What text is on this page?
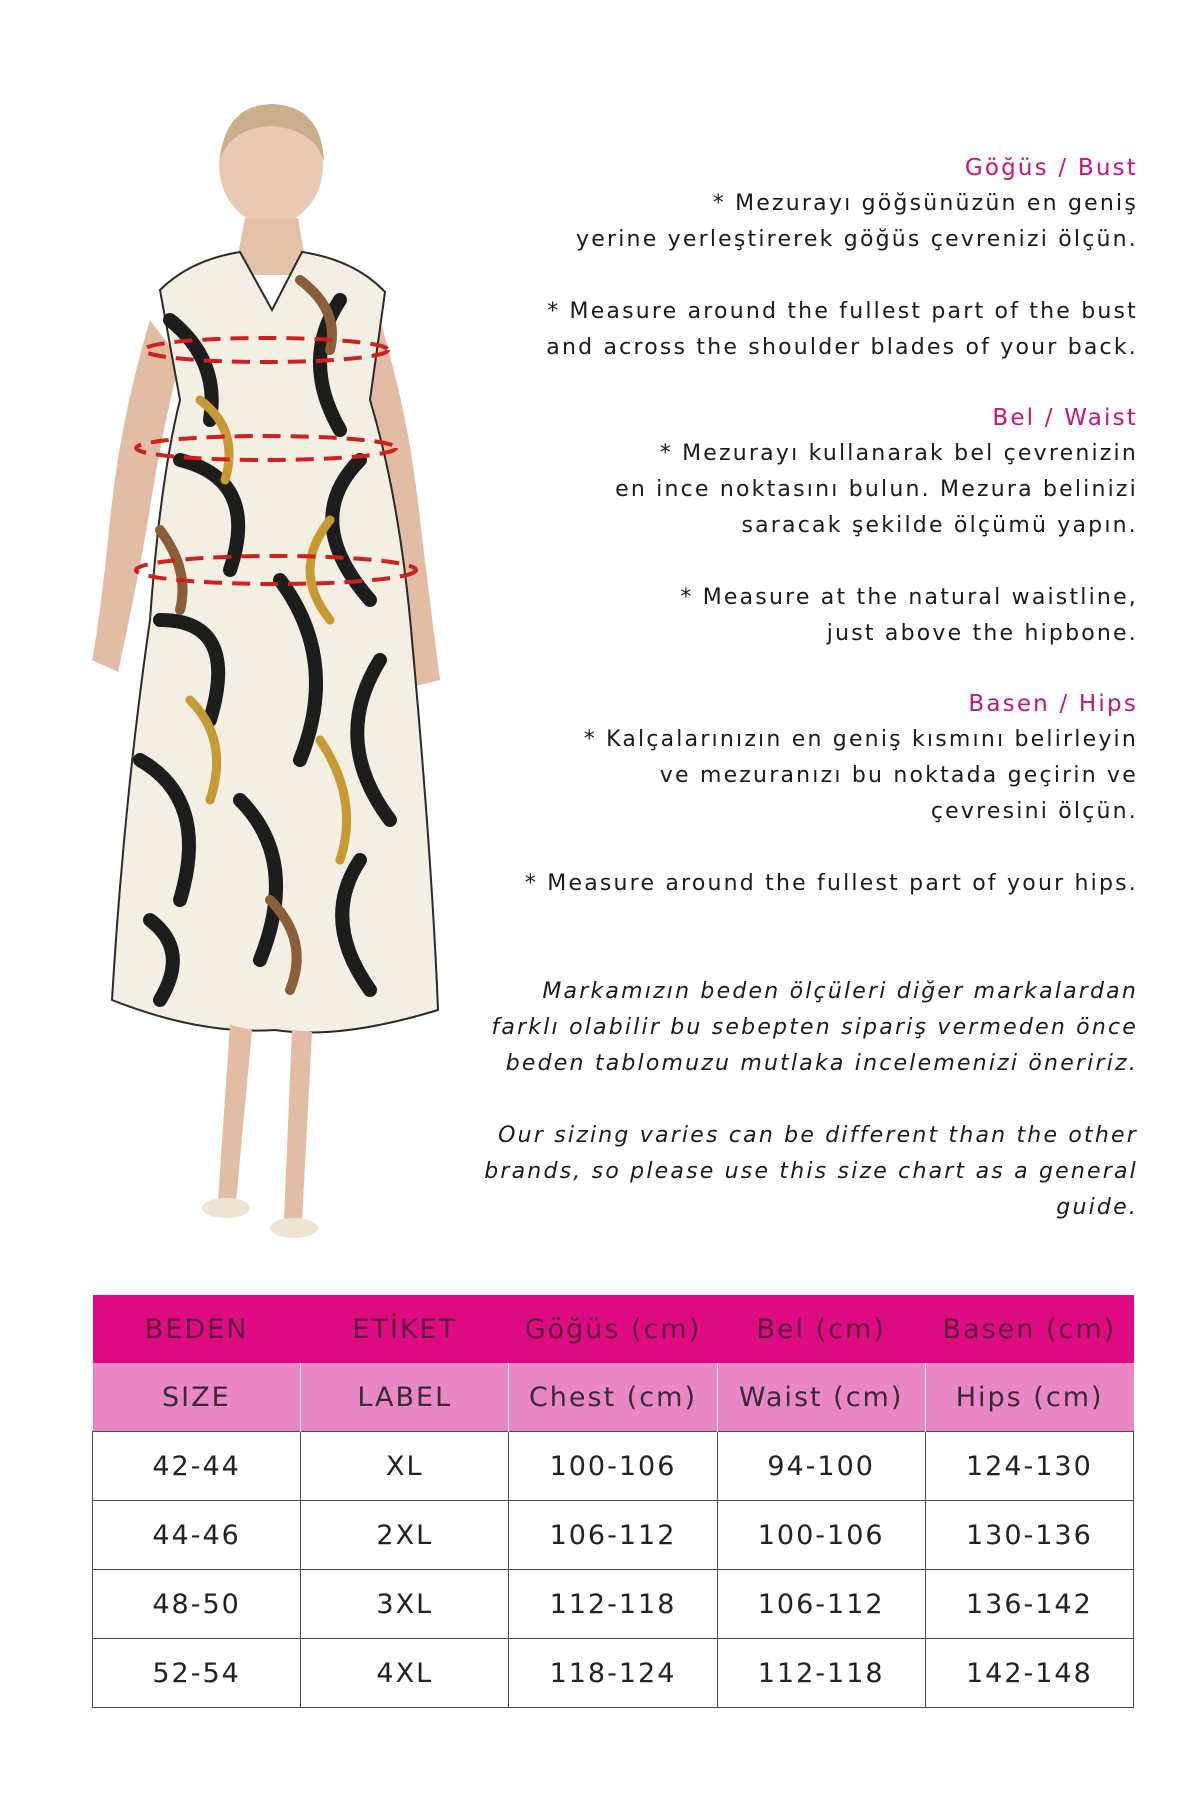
Göğüs / Bust

* Mezurayı göğsünüzün en geniş

yerine yerleştirerek göğüs çevrenizi ölçün.

* Measure around the fullest part of the bust

and across the shoulder blades of your back.

Bel / Waist

* Mezurayı kullanarak bel çevrenizin

en ince noktasını bulun. Mezura belinizi

saracak şekilde ölçümü yapın.

* Measure at the natural waistline,

just above the hipbone.

Basen / Hips

* Kalçalarınızın en geniş kısmını belirleyin

ve mezuranızı bu noktada geçirin ve

çevresini ölçün.

* Measure around the fullest part of your hips.

Markamızın beden ölçüleri diğer markalardan

farklı olabilir bu sebepten sipariş vermeden önce

beden tablomuzu mutlaka incelemenizi öneririz.

Our sizing varies can be different than the other

brands, so please use this size chart as a general guide.

BEDEN	ETİKET	Göğüs (cm)	Bel (cm)	Basen (cm)
SIZE	LABEL	Chest (cm)	Waist (cm)	Hips (cm)
42-44	XL	100-106	94-100	124-130
44-46	2XL	106-112	100-106	130-136
48-50	3XL	112-118	106-112	136-142
52-54	4XL	118-124	112-118	142-148
